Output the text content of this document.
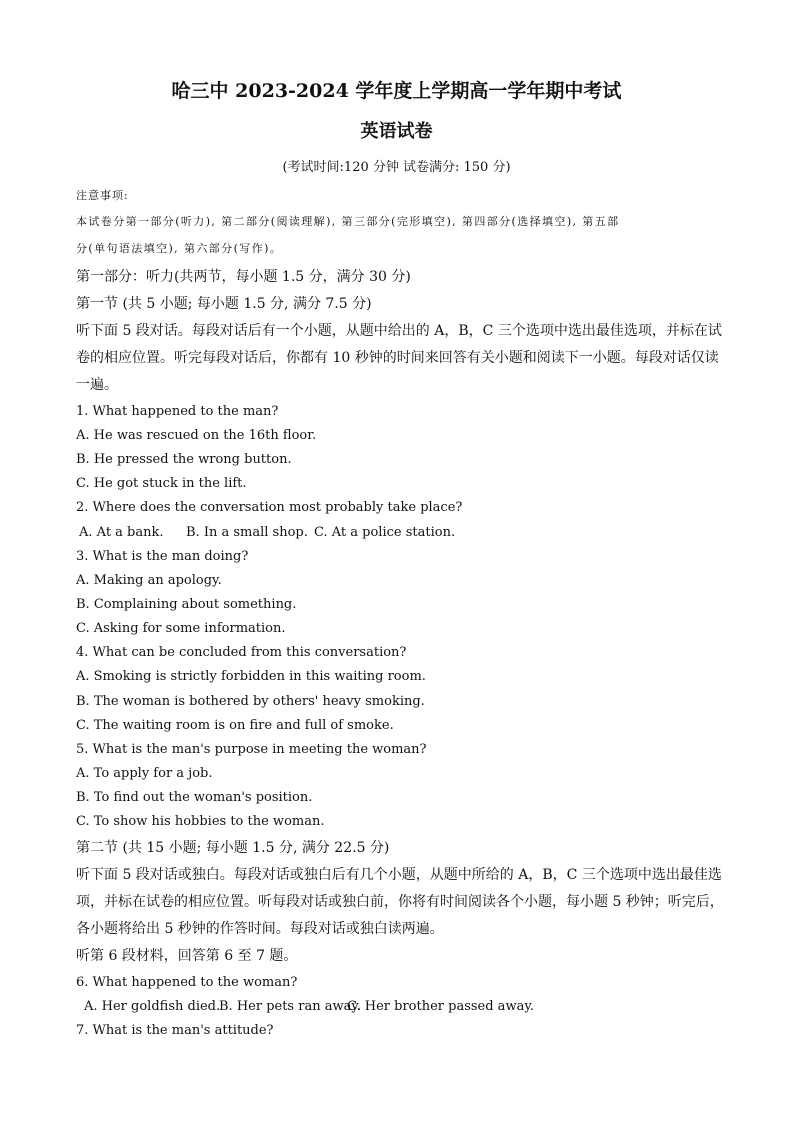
哈三中 2023-2024 学年度上学期高一学年期中考试
英语试卷
(考试时间:120 分钟 试卷满分: 150 分)
注意事项:
本试卷分第一部分(听力), 第二部分(阅读理解), 第三部分(完形填空), 第四部分(选择填空), 第五部
分(单句语法填空), 第六部分(写作)。
第一部分：听力(共两节，每小题 1.5 分，满分 30 分)
第一节 (共 5 小题; 每小题 1.5 分, 满分 7.5 分)
听下面 5 段对话。每段对话后有一个小题，从题中给出的 A，B，C 三个选项中选出最佳选项，并标在试
卷的相应位置。听完每段对话后，你都有 10 秒钟的时间来回答有关小题和阅读下一小题。每段对话仅读
一遍。
1. What happened to the man?
A. He was rescued on the 16th floor.
B. He pressed the wrong button.
C. He got stuck in the lift.
2. Where does the conversation most probably take place?
A. At a bank. B. In a small shop. C. At a police station.
3. What is the man doing?
A. Making an apology.
B. Complaining about something.
C. Asking for some information.
4. What can be concluded from this conversation?
A. Smoking is strictly forbidden in this waiting room.
B. The woman is bothered by others' heavy smoking.
C. The waiting room is on fire and full of smoke.
5. What is the man's purpose in meeting the woman?
A. To apply for a job.
B. To find out the woman's position.
C. To show his hobbies to the woman.
第二节 (共 15 小题; 每小题 1.5 分, 满分 22.5 分)
听下面 5 段对话或独白。每段对话或独白后有几个小题，从题中所给的 A，B，C 三个选项中选出最佳选
项，并标在试卷的相应位置。听每段对话或独白前，你将有时间阅读各个小题，每小题 5 秒钟；听完后，
各小题将给出 5 秒钟的作答时间。每段对话或独白读两遍。
听第 6 段材料，回答第 6 至 7 题。
6. What happened to the woman?
A. Her goldfish died.B. Her pets ran away.C. Her brother passed away.
7. What is the man's attitude?
